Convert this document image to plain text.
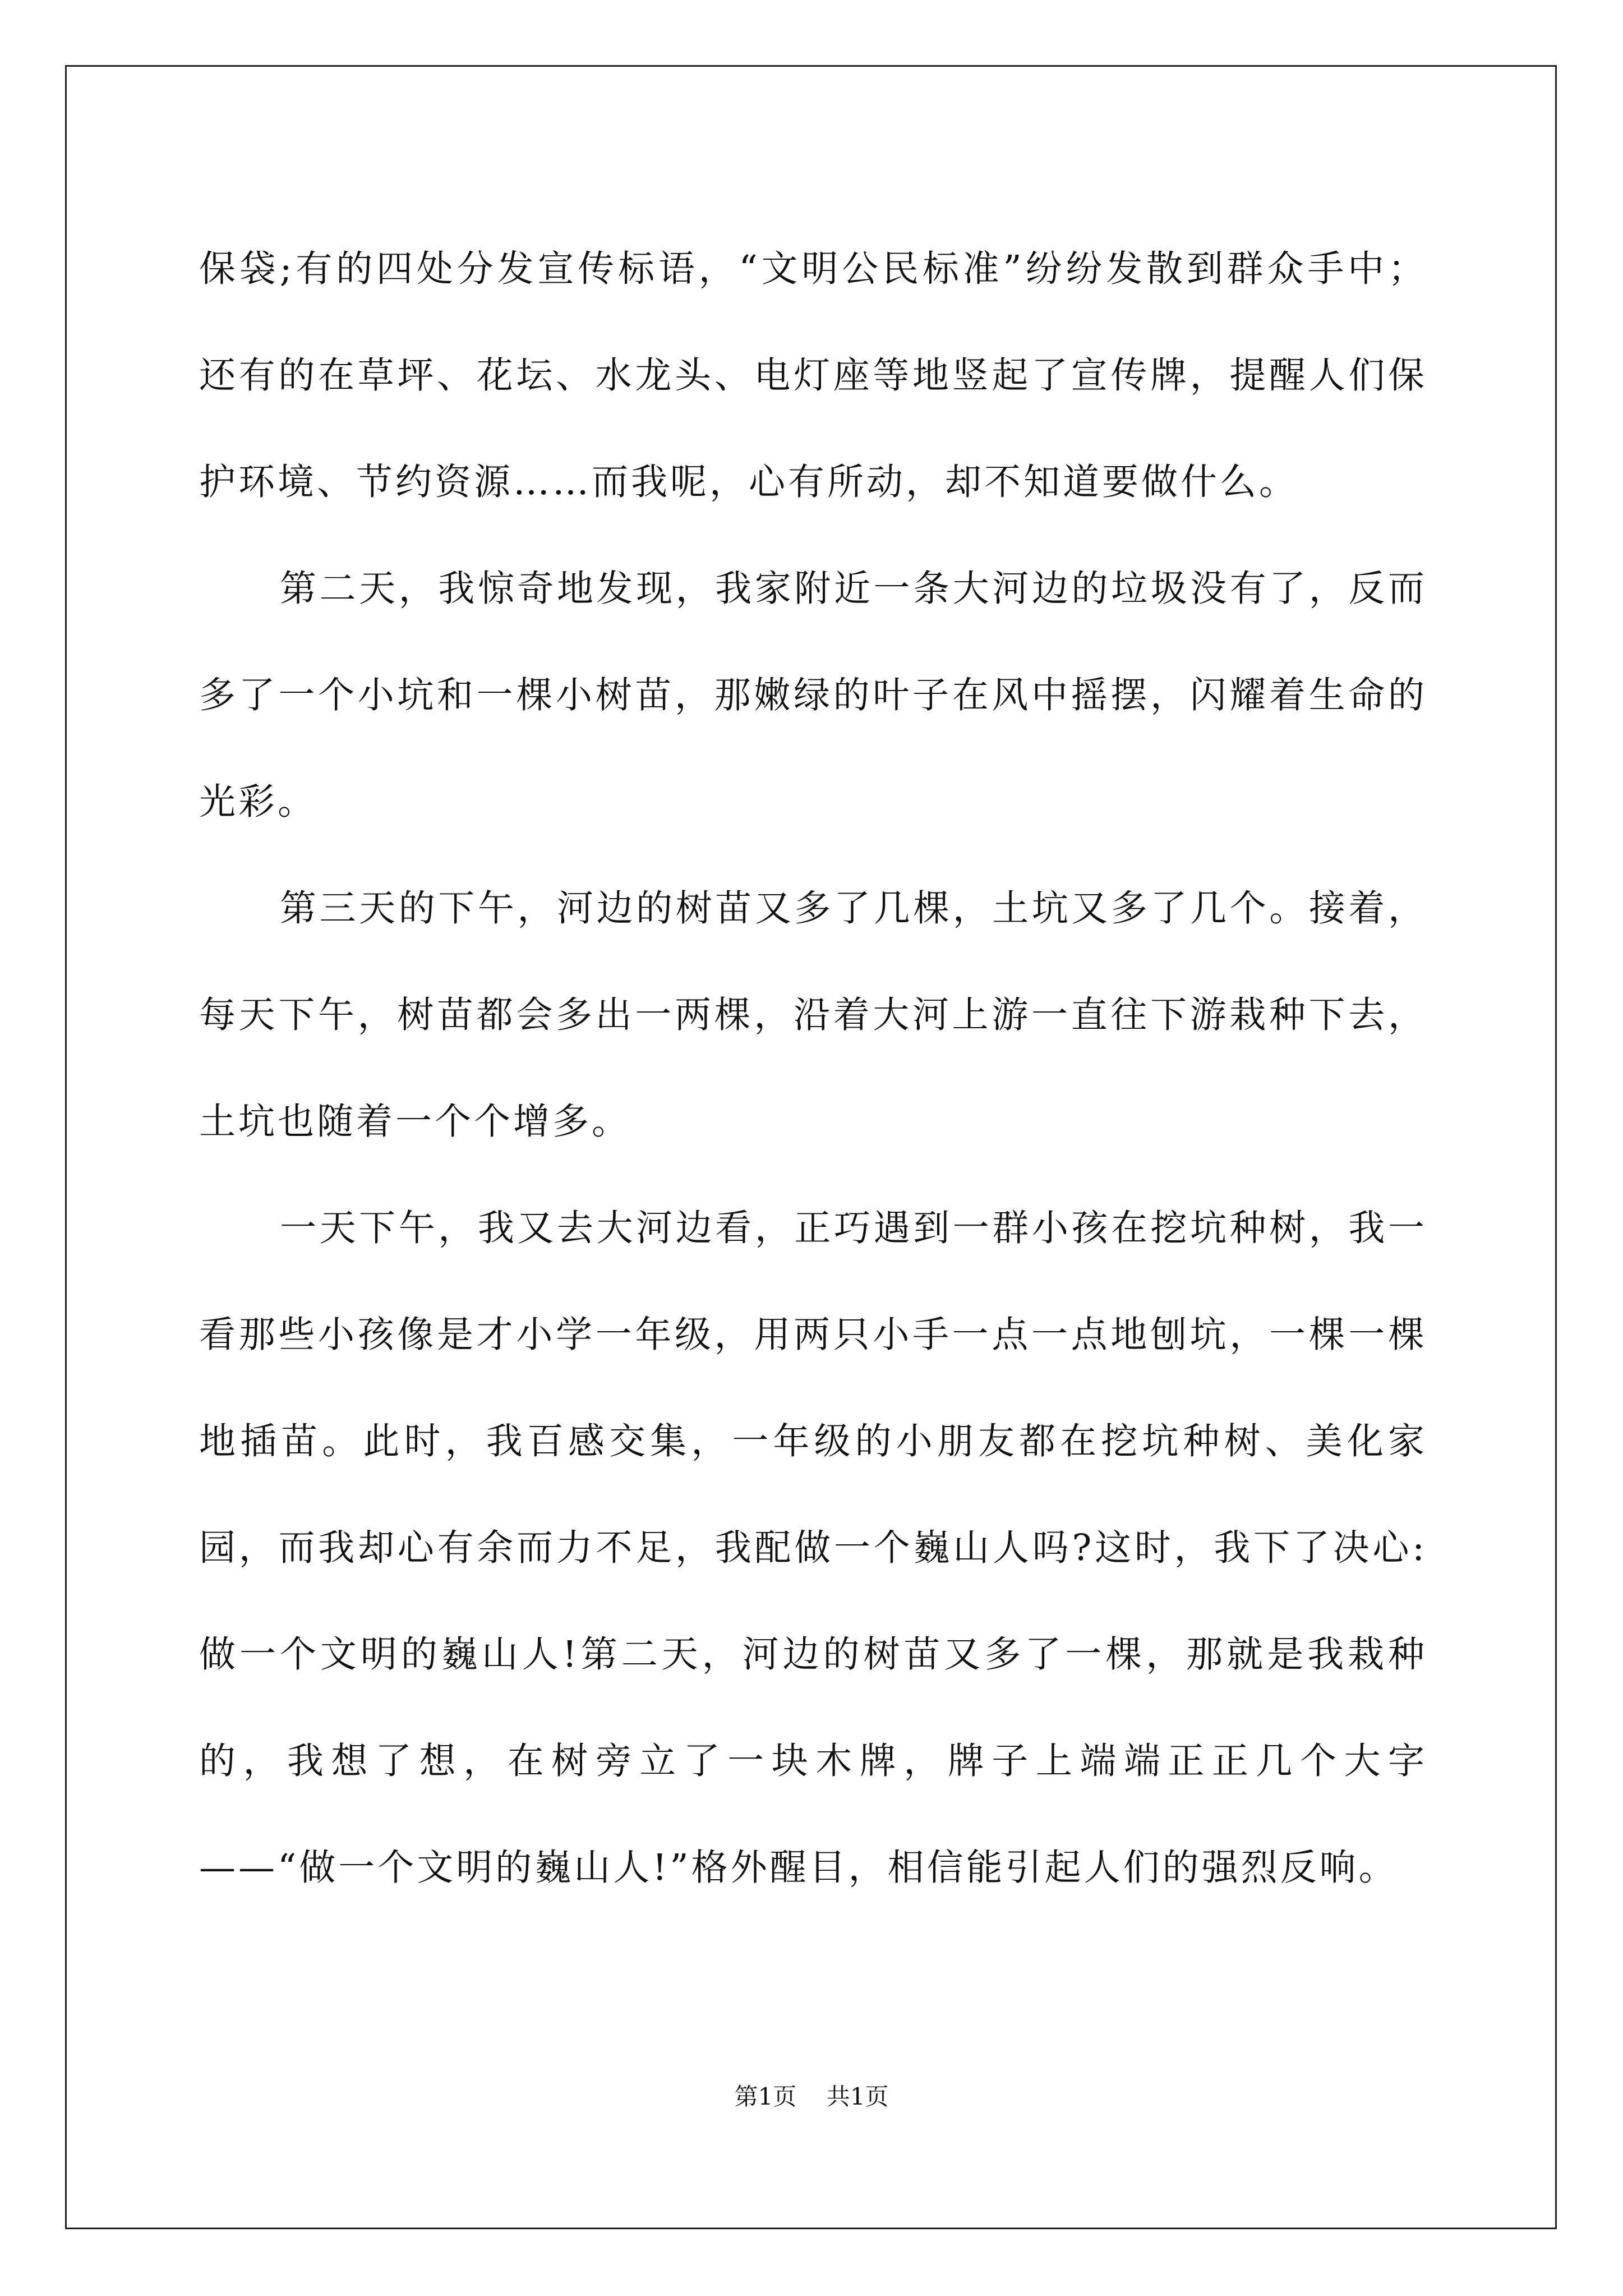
保袋;有的四处分发宣传标语，“文明公民标准”纷纷发散到群众手中；还有的在草坪、花坛、水龙头、电灯座等地竖起了宣传牌，提醒人们保护环境、节约资源……而我呢，心有所动，却不知道要做什么。

第二天，我惊奇地发现，我家附近一条大河边的垃圾没有了，反而多了一个小坑和一棵小树苗，那嫩绿的叶子在风中摇摆，闪耀着生命的光彩。

第三天的下午，河边的树苗又多了几棵，土坑又多了几个。接着，每天下午，树苗都会多出一两棵，沿着大河上游一直往下游栽种下去，土坑也随着一个个增多。

一天下午，我又去大河边看，正巧遇到一群小孩在挖坑种树，我一看那些小孩像是才小学一年级，用两只小手一点一点地刨坑，一棵一棵地插苗。此时，我百感交集，一年级的小朋友都在挖坑种树、美化家园，而我却心有余而力不足，我配做一个巍山人吗?这时，我下了决心: 做一个文明的巍山人!第二天，河边的树苗又多了一棵，那就是我栽种的，我想了想，在树旁立了一块木牌，牌子上端端正正几个大字——“做一个文明的巍山人!”格外醒目，相信能引起人们的强烈反响。

第1页 共1页
